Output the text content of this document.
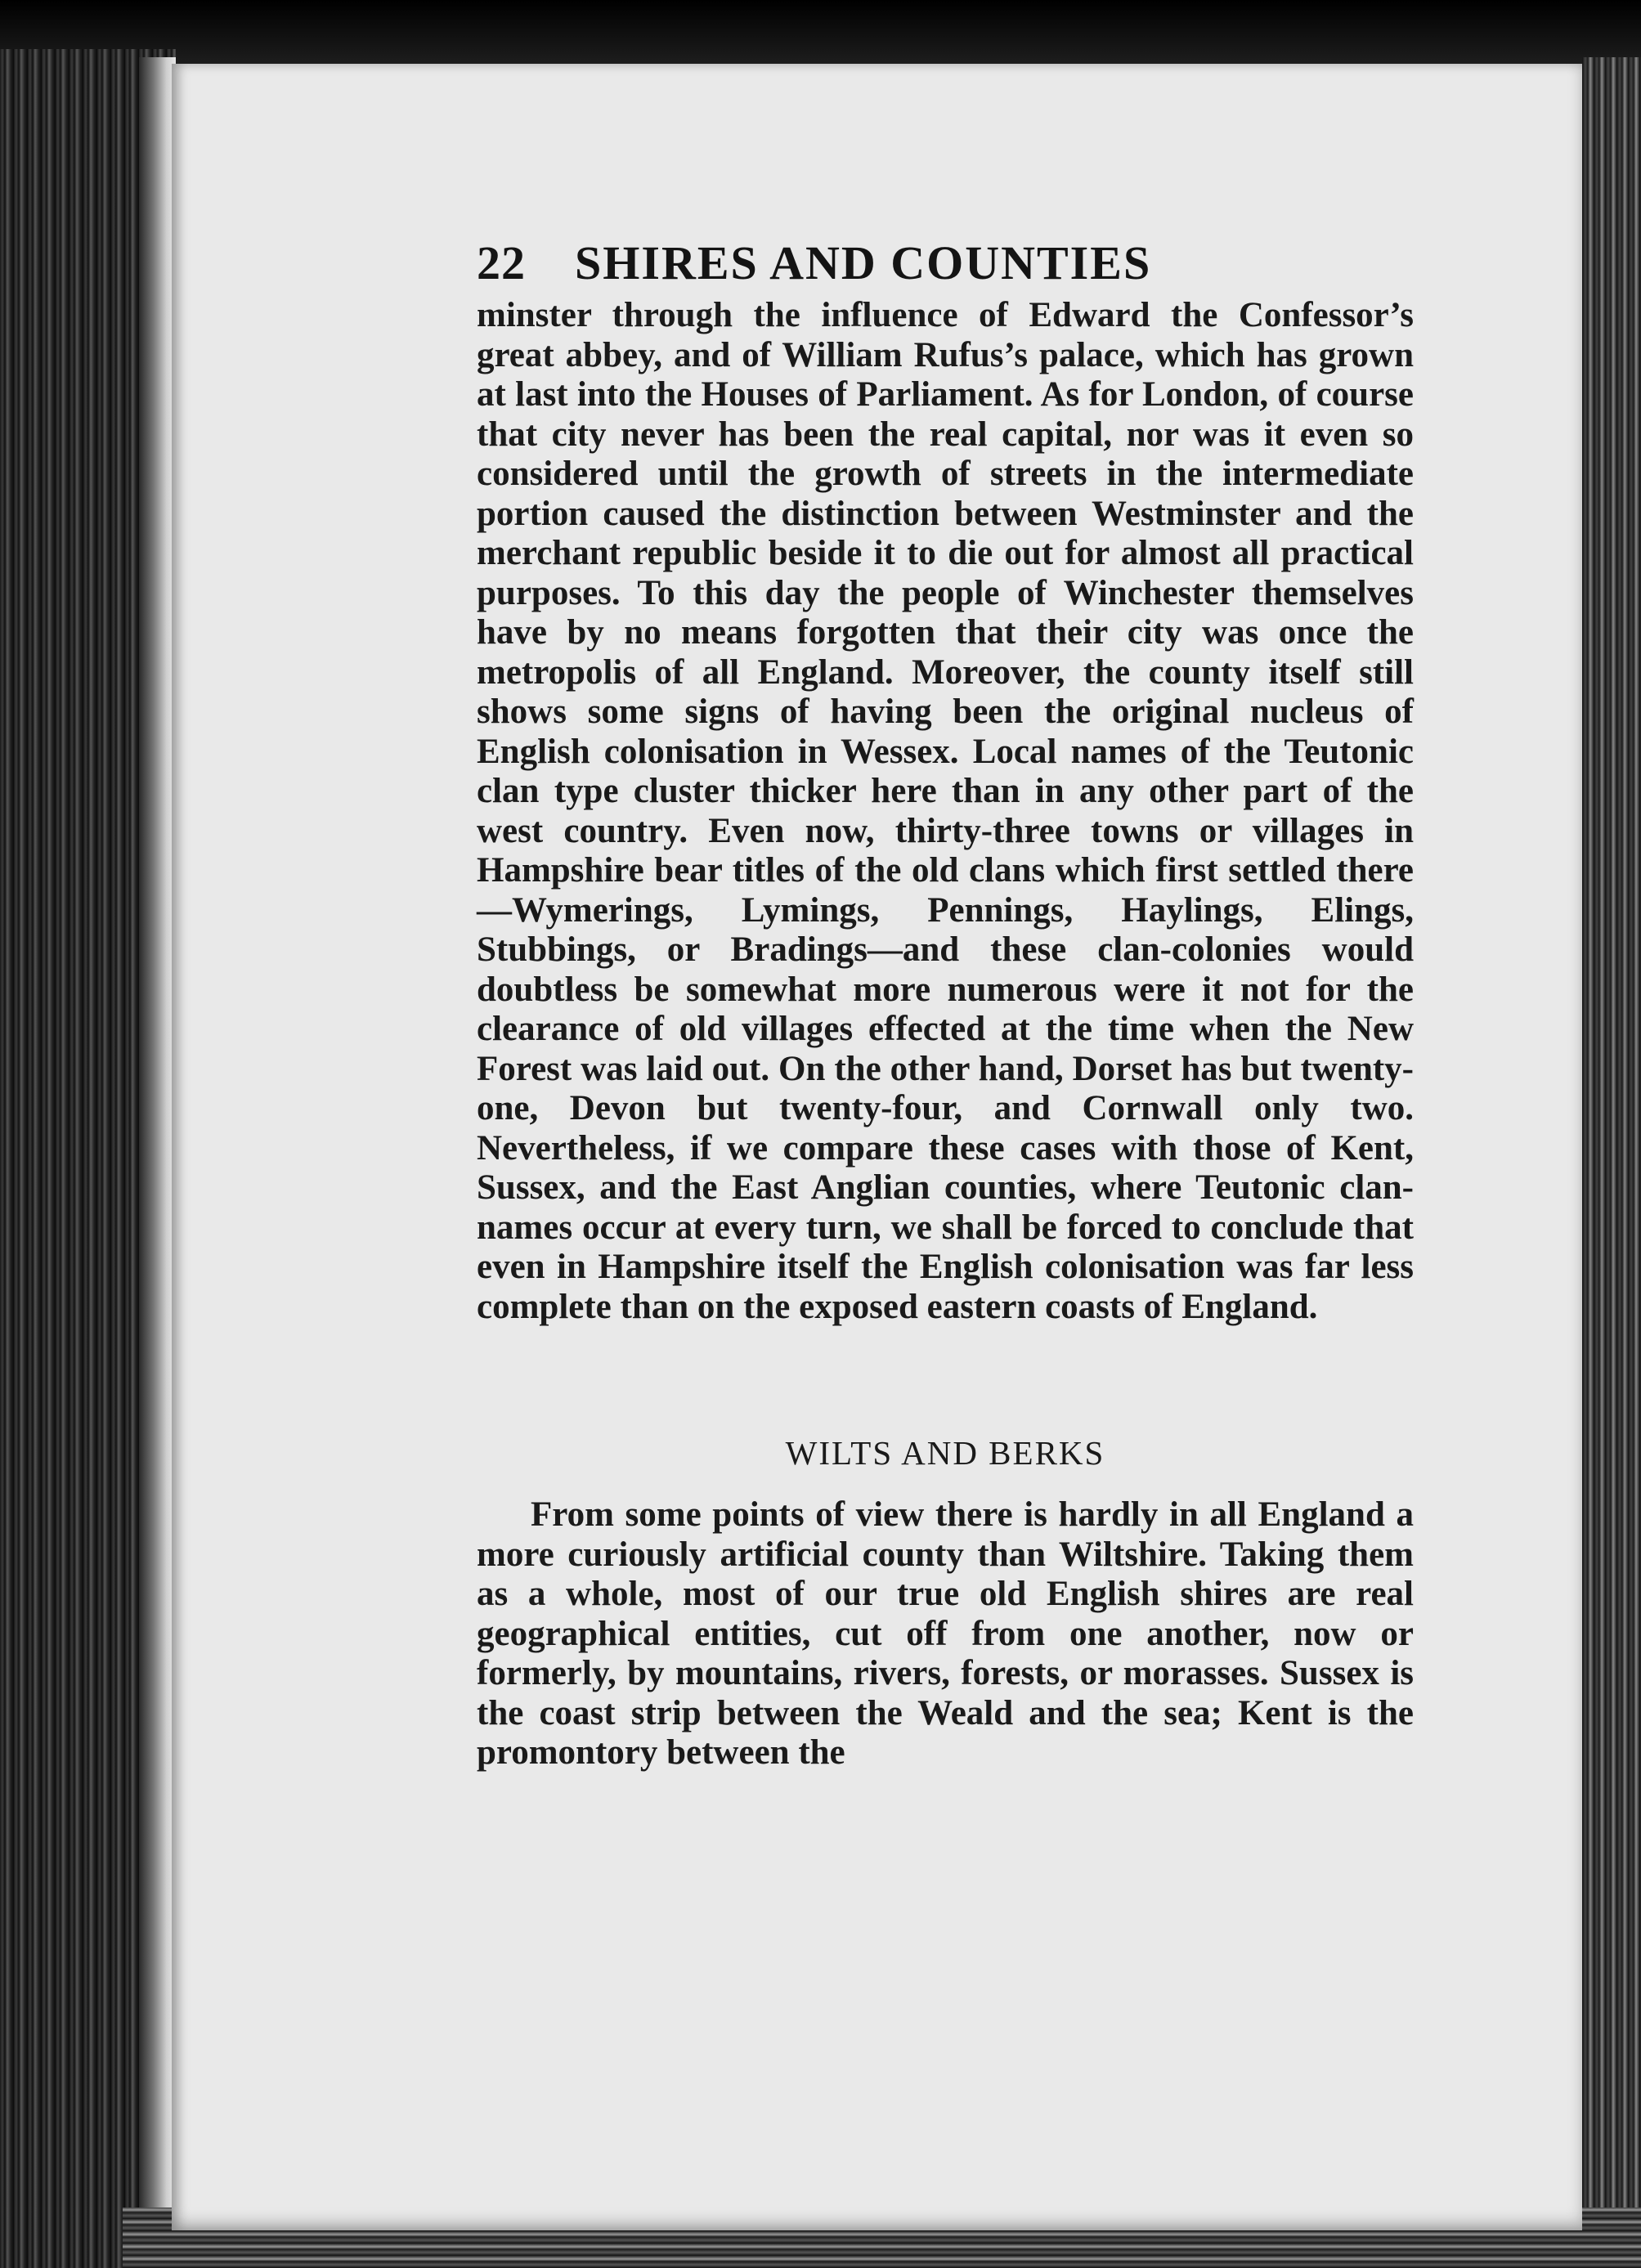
22	SHIRES AND COUNTIES

minster through the influence of Edward the Confessor’s great abbey, and of William Rufus’s palace, which has grown at last into the Houses of Parliament. As for London, of course that city never has been the real capital, nor was it even so considered until the growth of streets in the intermediate portion caused the distinction between Westminster and the merchant republic beside it to die out for almost all practical purposes. To this day the people of Winchester themselves have by no means forgotten that their city was once the metropolis of all England. Moreover, the county itself still shows some signs of having been the original nucleus of English colonisation in Wessex. Local names of the Teutonic clan type cluster thicker here than in any other part of the west country. Even now, thirty-three towns or villages in Hampshire bear titles of the old clans which first settled there—Wymerings, Lymings, Pennings, Haylings, Elings, Stubbings, or Bradings—and these clan-colonies would doubtless be somewhat more numerous were it not for the clearance of old villages effected at the time when the New Forest was laid out. On the other hand, Dorset has but twenty-one, Devon but twenty-four, and Cornwall only two. Nevertheless, if we compare these cases with those of Kent, Sussex, and the East Anglian counties, where Teutonic clan-names occur at every turn, we shall be forced to conclude that even in Hampshire itself the English colonisation was far less complete than on the exposed eastern coasts of England.

WILTS AND BERKS

From some points of view there is hardly in all England a more curiously artificial county than Wiltshire. Taking them as a whole, most of our true old English shires are real geographical entities, cut off from one another, now or formerly, by mountains, rivers, forests, or morasses. Sussex is the coast strip between the Weald and the sea; Kent is the promontory between the
